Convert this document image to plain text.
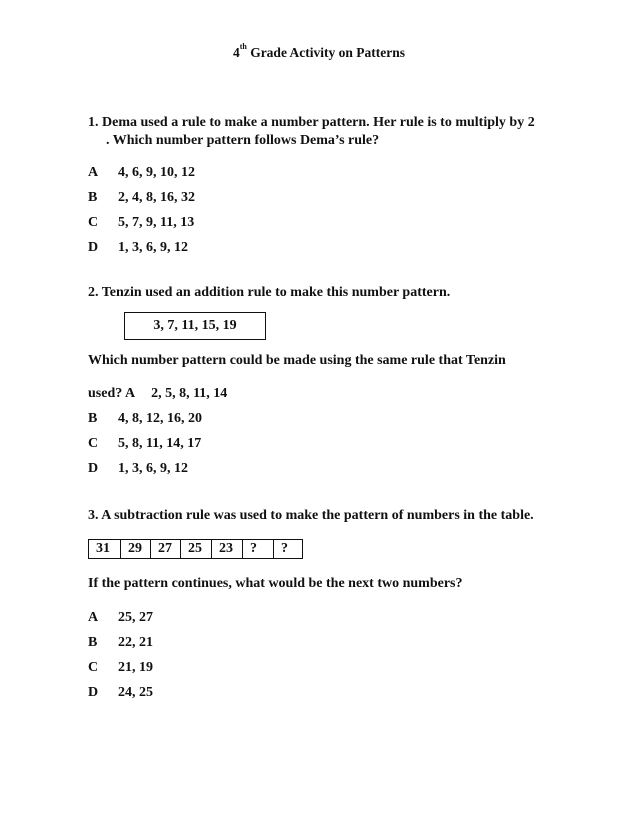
4th Grade Activity on Patterns
1. Dema used a rule to make a number pattern. Her rule is to multiply by 2
. Which number pattern follows Dema’s rule?
A 4, 6, 9, 10, 12
B 2, 4, 8, 16, 32
C 5, 7, 9, 11, 13
D 1, 3, 6, 9, 12
2. Tenzin used an addition rule to make this number pattern.
3, 7, 11, 15, 19
Which number pattern could be made using the same rule that Tenzin
used? A 2, 5, 8, 11, 14
B 4, 8, 12, 16, 20
C 5, 8, 11, 14, 17
D 1, 3, 6, 9, 12
3. A subtraction rule was used to make the pattern of numbers in the table.
31	29	27	25	23	?	?
If the pattern continues, what would be the next two numbers?
A 25, 27
B 22, 21
C 21, 19
D 24, 25
